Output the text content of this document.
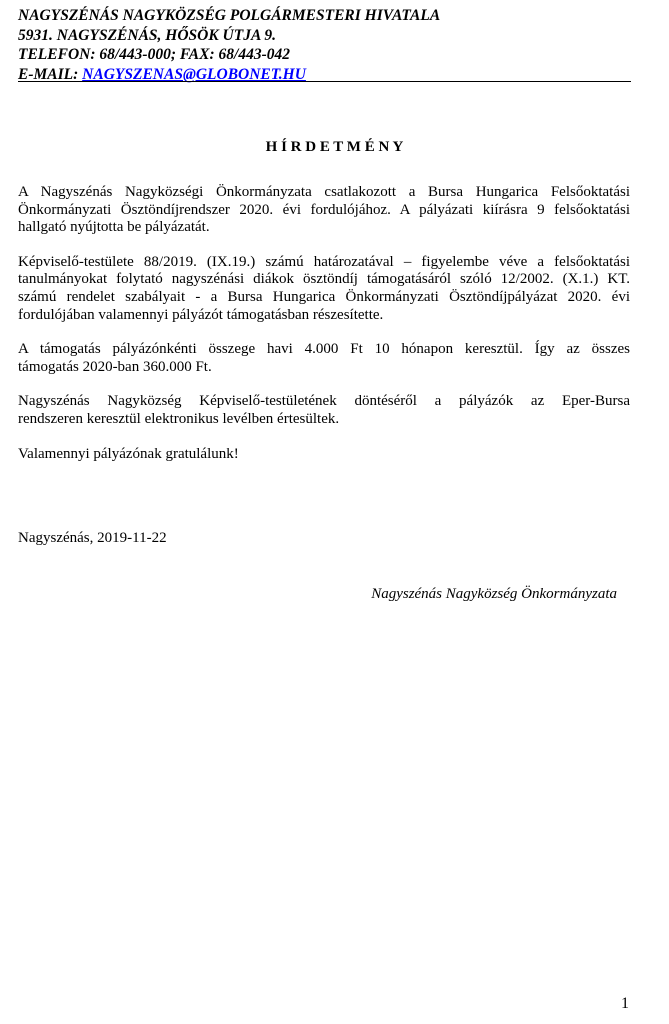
NAGYSZÉNÁS NAGYKÖZSÉG POLGÁRMESTERI HIVATALA
5931. NAGYSZÉNÁS, HŐSÖK ÚTJA 9.
TELEFON: 68/443-000; FAX: 68/443-042
E-MAIL: NAGYSZENAS@GLOBONET.HU
H Í R D E T M É N Y
A Nagyszénás Nagyközségi Önkormányzata csatlakozott a Bursa Hungarica Felsőoktatási
Önkormányzati Ösztöndíjrendszer 2020. évi fordulójához. A pályázati kiírásra 9 felsőoktatási
hallgató nyújtotta be pályázatát.
Képviselő-testülete 88/2019. (IX.19.) számú határozatával – figyelembe véve a felsőoktatási
tanulmányokat folytató nagyszénási diákok ösztöndíj támogatásáról szóló 12/2002. (X.1.) KT.
számú rendelet szabályait - a Bursa Hungarica Önkormányzati Ösztöndíjpályázat 2020. évi
fordulójában valamennyi pályázót támogatásban részesítette.
A támogatás pályázónkénti összege havi 4.000 Ft 10 hónapon keresztül. Így az összes
támogatás 2020-ban 360.000 Ft.
Nagyszénás Nagyközség Képviselő-testületének döntéséről a pályázók az Eper-Bursa
rendszeren keresztül elektronikus levélben értesültek.
Valamennyi pályázónak gratulálunk!
Nagyszénás, 2019-11-22
Nagyszénás Nagyközség Önkormányzata
1
